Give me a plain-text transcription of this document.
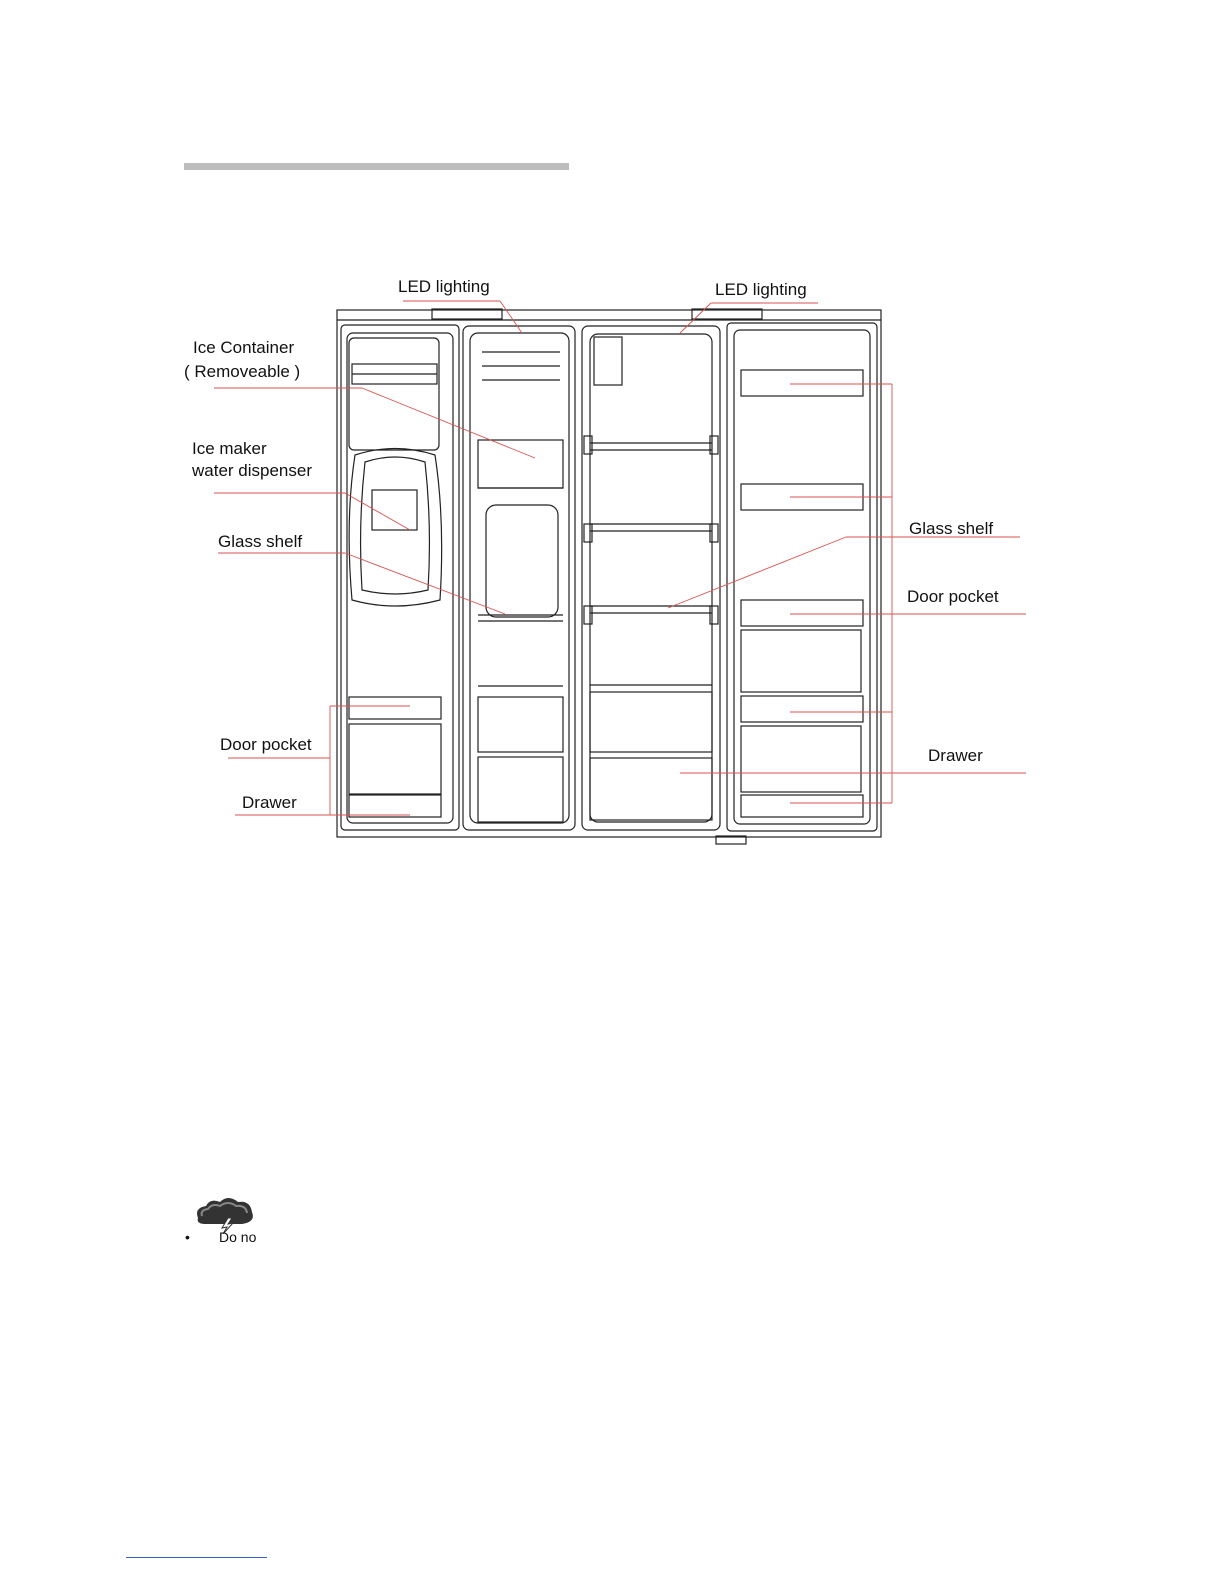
LED lighting	LED lighting
Ice Container
( Removeable )
Ice maker
water dispenser
Glass shelf
Glass shelf
Door pocket
Door pocket
Drawer
Drawer
• Do no
